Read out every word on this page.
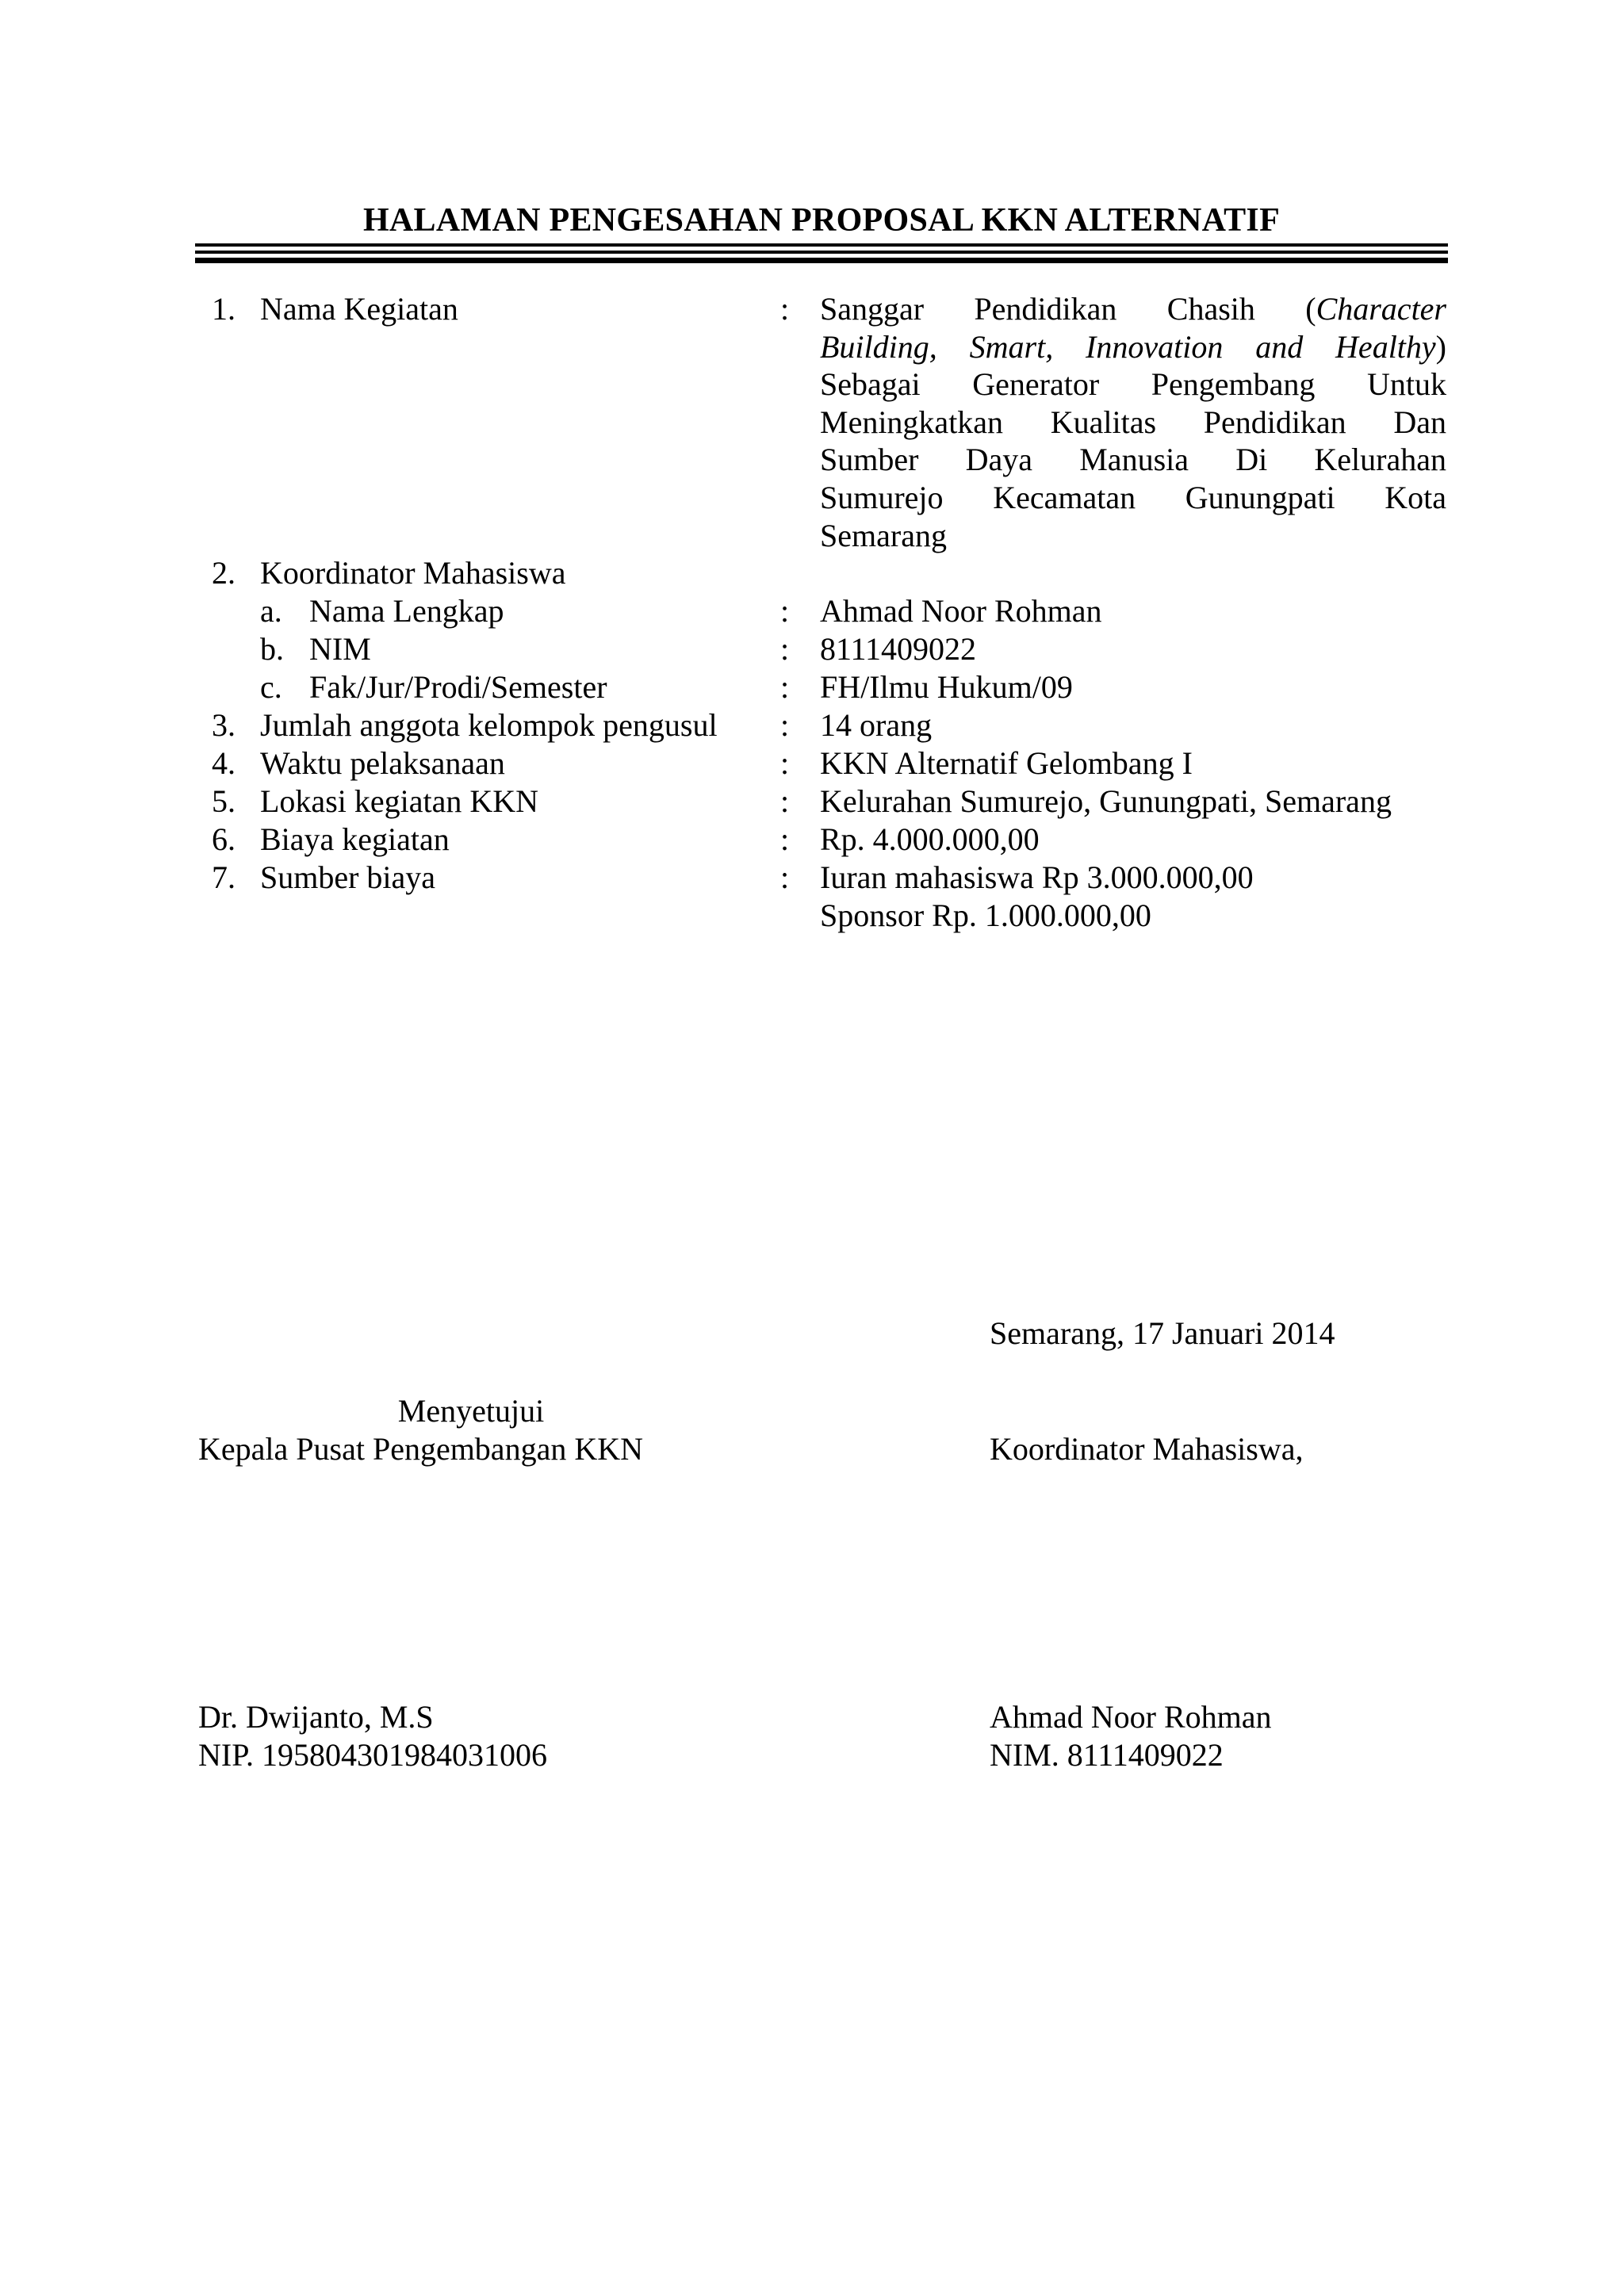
HALAMAN PENGESAHAN PROPOSAL KKN ALTERNATIF
1. Nama Kegiatan	: Sanggar Pendidikan Chasih (Character
Building, Smart, Innovation and Healthy)
Sebagai Generator Pengembang Untuk
Meningkatkan Kualitas Pendidikan Dan
Sumber Daya Manusia Di Kelurahan
Sumurejo Kecamatan Gunungpati Kota
Semarang
2. Koordinator Mahasiswa
a. Nama Lengkap	: Ahmad Noor Rohman
b. NIM	: 8111409022
c. Fak/Jur/Prodi/Semester	: FH/Ilmu Hukum/09
3. Jumlah anggota kelompok pengusul : 14 orang
4. Waktu pelaksanaan	: KKN Alternatif Gelombang I
5. Lokasi kegiatan KKN	: Kelurahan Sumurejo, Gunungpati, Semarang
6. Biaya kegiatan	: Rp. 4.000.000,00
7. Sumber biaya	: Iuran mahasiswa Rp 3.000.000,00
Sponsor Rp. 1.000.000,00
Semarang, 17 Januari 2014
Menyetujui
Kepala Pusat Pengembangan KKN	Koordinator Mahasiswa,
Dr. Dwijanto, M.S
NIP. 195804301984031006
Ahmad Noor Rohman
NIM. 8111409022
